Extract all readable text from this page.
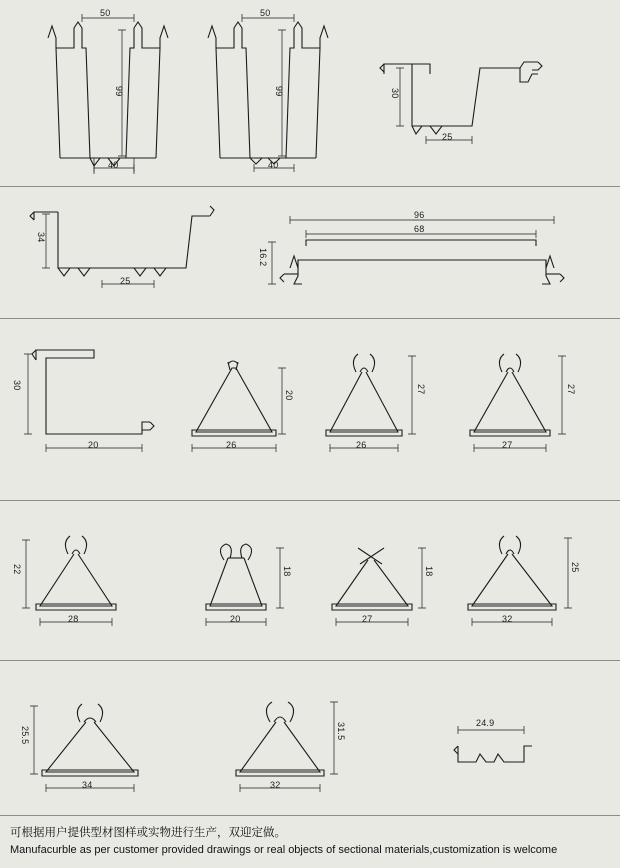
50
99
40
50
99
40
30
25
34
25
96
68
16.2
30
20
20
26
27
26
27
27
22
28
18
20
18
27
25
32
25.5
34
31.5
32
24.9
可根据用户提供型材图样或实物进行生产，双迎定做。
Manufacurble as per customer provided drawings or real objects of sectional materials,customization is welcome
